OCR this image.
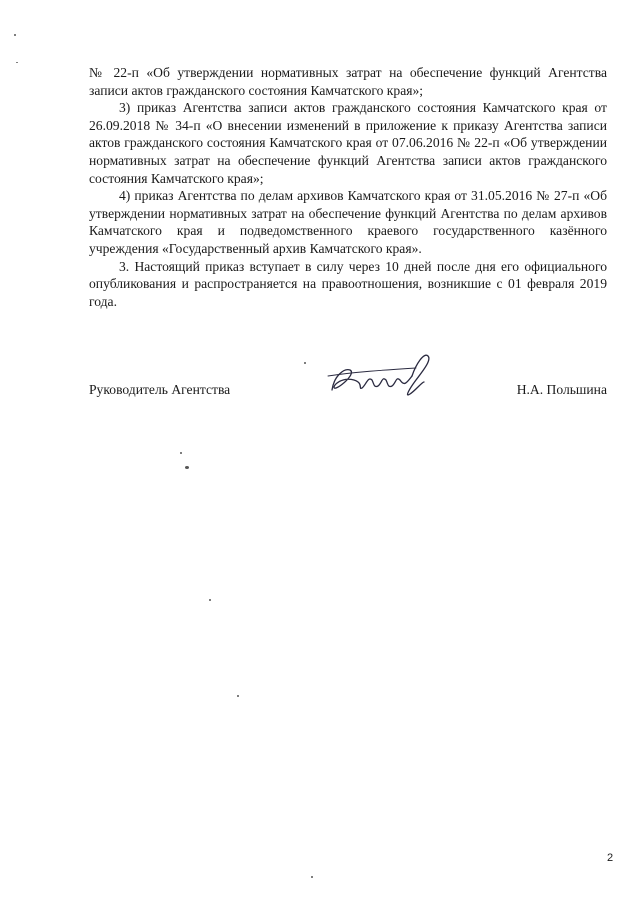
№ 22-п «Об утверждении нормативных затрат на обеспечение функций Агентства записи актов гражданского состояния Камчатского края»;

3) приказ Агентства записи актов гражданского состояния Камчатского края от 26.09.2018 № 34-п «О внесении изменений в приложение к приказу Агентства записи актов гражданского состояния Камчатского края от 07.06.2016 № 22-п «Об утверждении нормативных затрат на обеспечение функций Агентства записи актов гражданского состояния Камчатского края»;

4) приказ Агентства по делам архивов Камчатского края от 31.05.2016 № 27-п «Об утверждении нормативных затрат на обеспечение функций Агентства по делам архивов Камчатского края и подведомственного краевого государственного казённого учреждения «Государственный архив Камчатского края».

3. Настоящий приказ вступает в силу через 10 дней после дня его официального опубликования и распространяется на правоотношения, возникшие с 01 февраля 2019 года.

Руководитель Агентства	Н.А. Польшина
2
